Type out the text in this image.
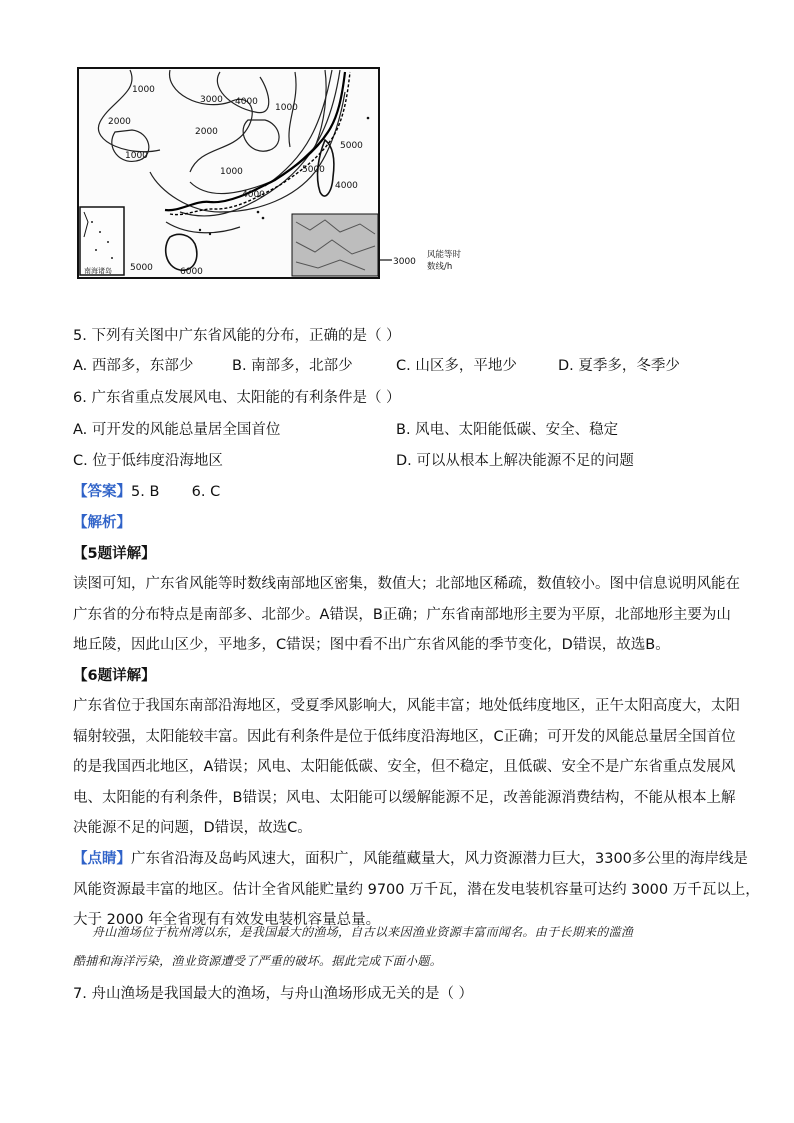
1000
2000
3000 4000
2000
1000
1000
1000
4000
5000
5000
4000
5000	6000
南海诸岛
3000
风能等时
数线/h
5. 下列有关图中广东省风能的分布，正确的是（ ）
A. 西部多，东部少	B. 南部多，北部少	C. 山区多，平地少	D. 夏季多，冬季少
6. 广东省重点发展风电、太阳能的有利条件是（ ）
A. 可开发的风能总量居全国首位	B. 风电、太阳能低碳、安全、稳定
C. 位于低纬度沿海地区	D. 可以从根本上解决能源不足的问题
【答案】5. B       6. C
【解析】
【5题详解】
读图可知，广东省风能等时数线南部地区密集，数值大；北部地区稀疏，数值较小。图中信息说明风能在
广东省的分布特点是南部多、北部少。A错误，B正确；广东省南部地形主要为平原，北部地形主要为山
地丘陵，因此山区少，平地多，C错误；图中看不出广东省风能的季节变化，D错误，故选B。
【6题详解】
广东省位于我国东南部沿海地区，受夏季风影响大，风能丰富；地处低纬度地区，正午太阳高度大，太阳
辐射较强，太阳能较丰富。因此有利条件是位于低纬度沿海地区，C正确；可开发的风能总量居全国首位
的是我国西北地区，A错误；风电、太阳能低碳、安全，但不稳定，且低碳、安全不是广东省重点发展风
电、太阳能的有利条件，B错误；风电、太阳能可以缓解能源不足，改善能源消费结构，不能从根本上解
决能源不足的问题，D错误，故选C。
【点睛】广东省沿海及岛屿风速大，面积广，风能蕴藏量大，风力资源潜力巨大，3300多公里的海岸线是
风能资源最丰富的地区。估计全省风能贮量约 9700 万千瓦，潜在发电装机容量可达约 3000 万千瓦以上，
大于 2000 年全省现有有效发电装机容量总量。
舟山渔场位于杭州湾以东，是我国最大的渔场，自古以来因渔业资源丰富而闻名。由于长期来的滥渔
酷捕和海洋污染，渔业资源遭受了严重的破坏。据此完成下面小题。
7. 舟山渔场是我国最大的渔场，与舟山渔场形成无关的是（ ）
